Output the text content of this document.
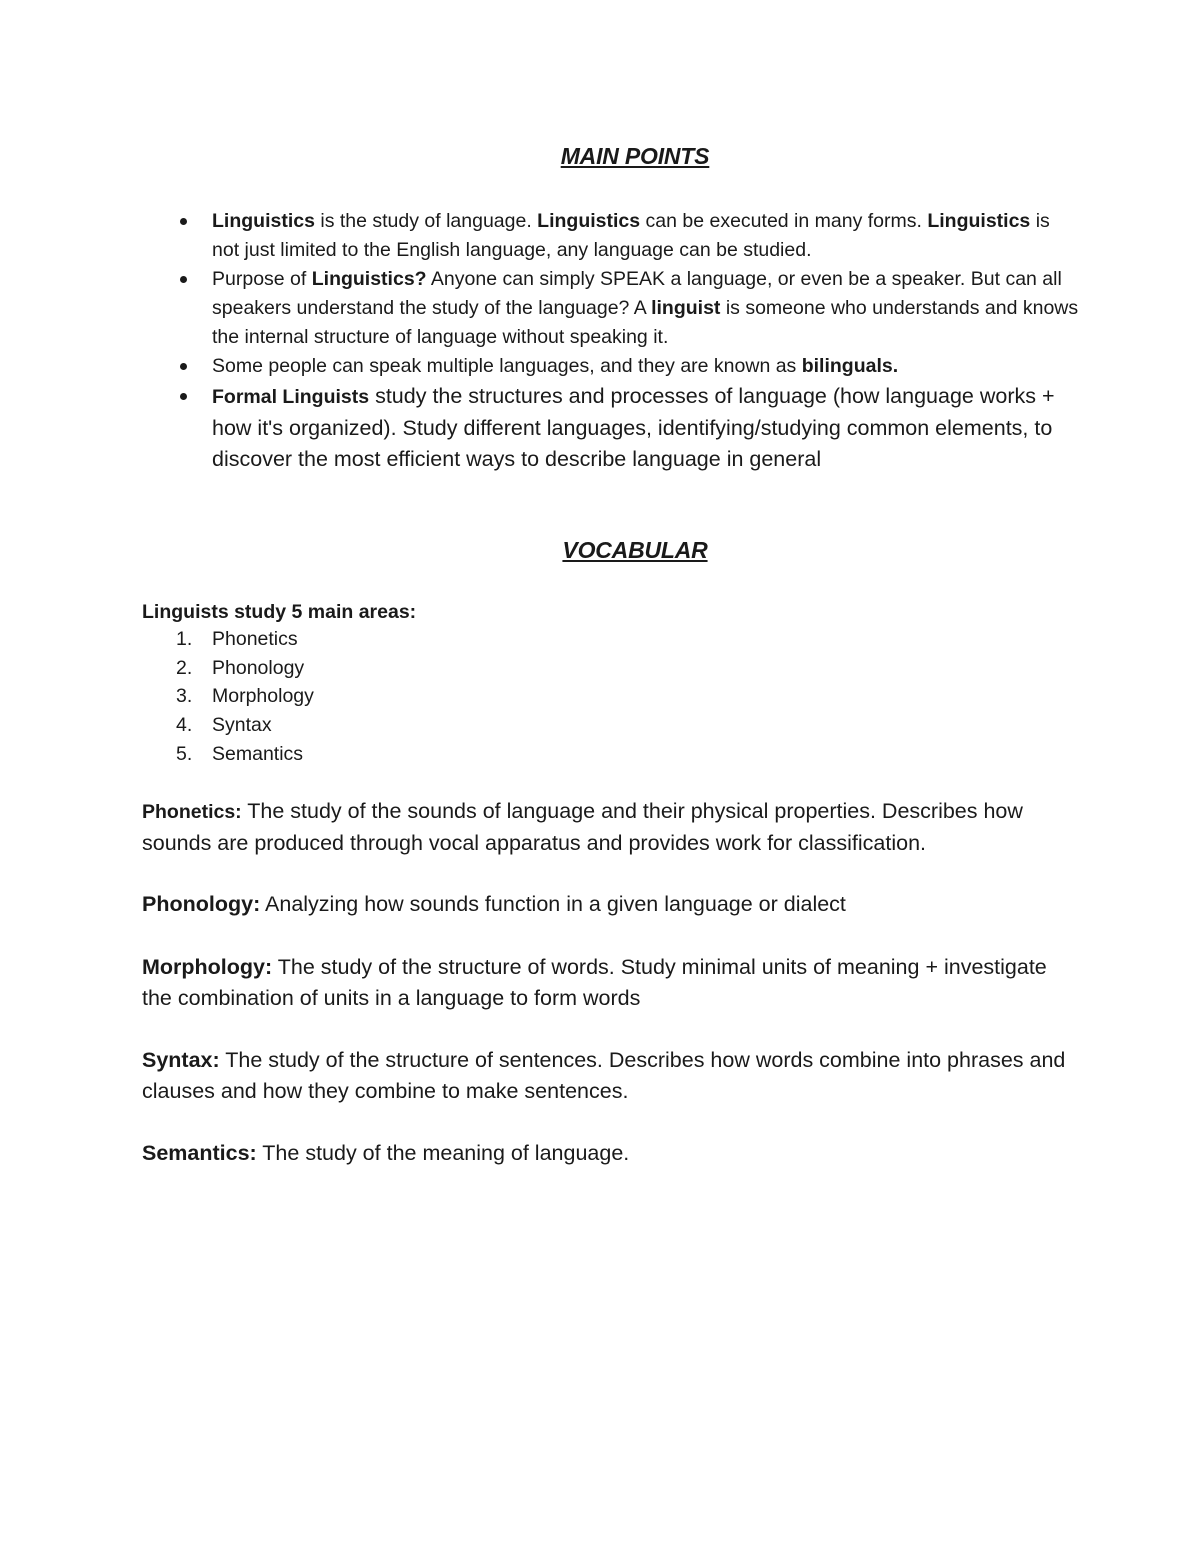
MAIN POINTS
Linguistics is the study of language. Linguistics can be executed in many forms. Linguistics is not just limited to the English language, any language can be studied.
Purpose of Linguistics? Anyone can simply SPEAK a language, or even be a speaker. But can all speakers understand the study of the language? A linguist is someone who understands and knows the internal structure of language without speaking it.
Some people can speak multiple languages, and they are known as bilinguals.
Formal Linguists study the structures and processes of language (how language works + how it's organized). Study different languages, identifying/studying common elements, to discover the most efficient ways to describe language in general
VOCABULAR
Linguists study 5 main areas:
1. Phonetics
2. Phonology
3. Morphology
4. Syntax
5. Semantics
Phonetics: The study of the sounds of language and their physical properties. Describes how sounds are produced through vocal apparatus and provides work for classification.
Phonology: Analyzing how sounds function in a given language or dialect
Morphology: The study of the structure of words. Study minimal units of meaning + investigate the combination of units in a language to form words
Syntax: The study of the structure of sentences. Describes how words combine into phrases and clauses and how they combine to make sentences.
Semantics: The study of the meaning of language.
